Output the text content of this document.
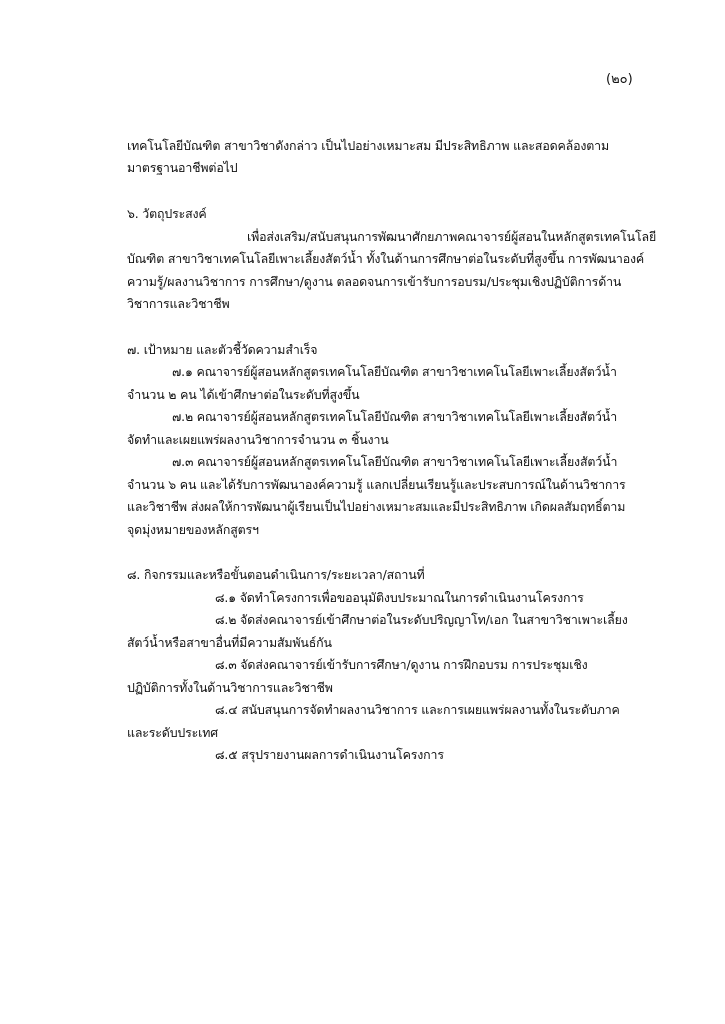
(๒๐)
เทคโนโลยีบัณฑิต สาขาวิชาดังกล่าว เป็นไปอย่างเหมาะสม มีประสิทธิภาพ และสอดคล้องตาม
มาตรฐานอาชีพต่อไป
๖. วัตถุประสงค์
เพื่อส่งเสริม/สนับสนุนการพัฒนาศักยภาพคณาจารย์ผู้สอนในหลักสูตรเทคโนโลยี
บัณฑิต สาขาวิชาเทคโนโลยีเพาะเลี้ยงสัตว์น้ำ ทั้งในด้านการศึกษาต่อในระดับที่สูงขึ้น การพัฒนาองค์
ความรู้/ผลงานวิชาการ การศึกษา/ดูงาน ตลอดจนการเข้ารับการอบรม/ประชุมเชิงปฏิบัติการด้าน
วิชาการและวิชาชีพ
๗. เป้าหมาย และตัวชี้วัดความสำเร็จ
๗.๑ คณาจารย์ผู้สอนหลักสูตรเทคโนโลยีบัณฑิต สาขาวิชาเทคโนโลยีเพาะเลี้ยงสัตว์น้ำ
จำนวน ๒ คน ได้เข้าศึกษาต่อในระดับที่สูงขึ้น
๗.๒ คณาจารย์ผู้สอนหลักสูตรเทคโนโลยีบัณฑิต สาขาวิชาเทคโนโลยีเพาะเลี้ยงสัตว์น้ำ
จัดทำและเผยแพร่ผลงานวิชาการจำนวน ๓ ชิ้นงาน
๗.๓ คณาจารย์ผู้สอนหลักสูตรเทคโนโลยีบัณฑิต สาขาวิชาเทคโนโลยีเพาะเลี้ยงสัตว์น้ำ
จำนวน ๖ คน และได้รับการพัฒนาองค์ความรู้ แลกเปลี่ยนเรียนรู้และประสบการณ์ในด้านวิชาการ
และวิชาชีพ ส่งผลให้การพัฒนาผู้เรียนเป็นไปอย่างเหมาะสมและมีประสิทธิภาพ เกิดผลสัมฤทธิ์ตาม
จุดมุ่งหมายของหลักสูตรฯ
๘. กิจกรรมและหรือขั้นตอนดำเนินการ/ระยะเวลา/สถานที่
๘.๑ จัดทำโครงการเพื่อขออนุมัติงบประมาณในการดำเนินงานโครงการ
๘.๒ จัดส่งคณาจารย์เข้าศึกษาต่อในระดับปริญญาโท/เอก ในสาขาวิชาเพาะเลี้ยง
สัตว์น้ำหรือสาขาอื่นที่มีความสัมพันธ์กัน
๘.๓ จัดส่งคณาจารย์เข้ารับการศึกษา/ดูงาน การฝึกอบรม การประชุมเชิง
ปฏิบัติการทั้งในด้านวิชาการและวิชาชีพ
๘.๔ สนับสนุนการจัดทำผลงานวิชาการ และการเผยแพร่ผลงานทั้งในระดับภาค
และระดับประเทศ
๘.๕ สรุปรายงานผลการดำเนินงานโครงการ
